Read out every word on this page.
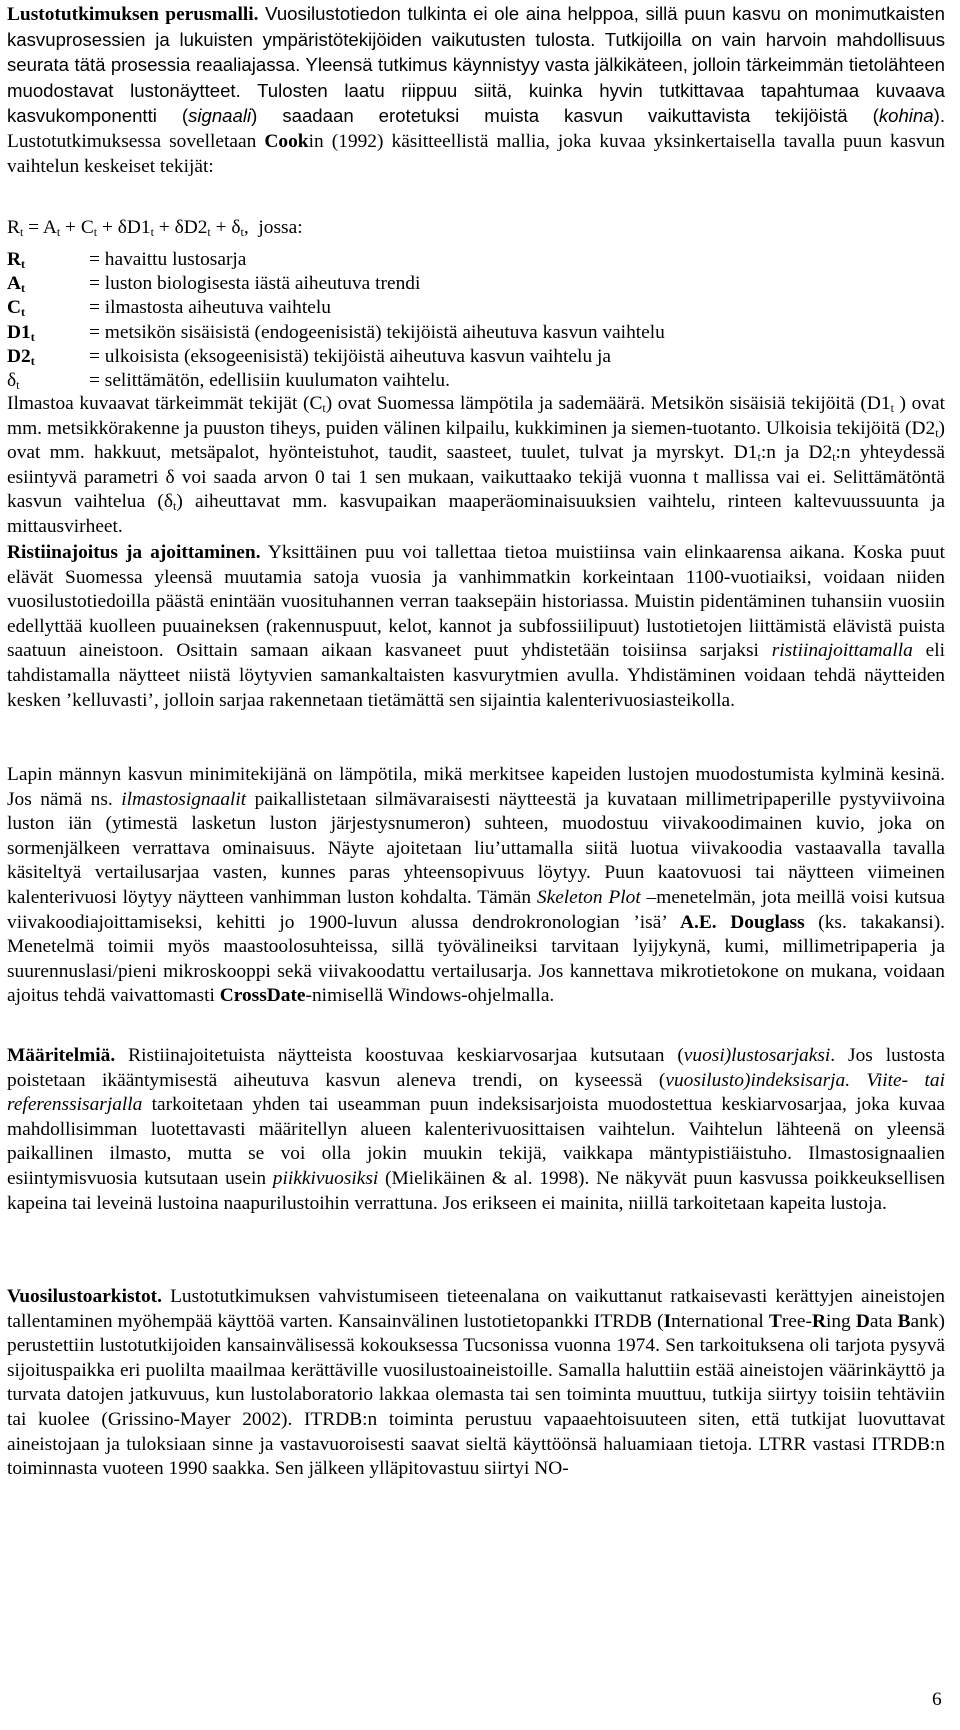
Lustotutkimuksen perusmalli. Vuosilustotiedon tulkinta ei ole aina helppoa, sillä puun kasvu on monimutkaisten kasvuprosessien ja lukuisten ympäristötekijöiden vaikutusten tulosta. Tutkijoilla on vain harvoin mahdollisuus seurata tätä prosessia reaaliajassa. Yleensä tutkimus käynnistyy vasta jälkikäteen, jolloin tärkeimmän tietolähteen muodostavat lustonäytteet. Tulosten laatu riippuu siitä, kuinka hyvin tutkittavaa tapahtumaa kuvaava kasvukomponentti (signaali) saadaan erotetuksi muista kasvun vaikuttavista tekijöistä (kohina). Lustotutkimuksessa sovelletaan Cookin (1992) käsitteellistä mallia, joka kuvaa yksinkertaisella tavalla puun kasvun vaihtelun keskeiset tekijät:

$R_t = A_t + C_t + \delta D1_t + \delta D2_t + \delta_t$,  jossa:
$R_t$	= havaittu lustosarja
$A_t$	= luston biologisesta iästä aiheutuva trendi
$C_t$	= ilmastosta aiheutuva vaihtelu
$D1_t$	= metsikön sisäisistä (endogeenisistä) tekijöistä aiheutuva kasvun vaihtelu
$D2_t$	= ulkoisista (eksogeenisistä) tekijöistä aiheutuva kasvun vaihtelu ja
$\delta_t$	= selittämätön, edellisiin kuulumaton vaihtelu.

Ilmastoa kuvaavat tärkeimmät tekijät $(C_t)$ ovat Suomessa lämpötila ja sademäärä. Metsikön sisäisiä tekijöitä ($D1_t$ ) ovat mm. metsikkörakenne ja puuston tiheys, puiden välinen kilpailu, kukkiminen ja siemen-tuotanto. Ulkoisia tekijöitä $(D2_t)$ ovat mm. hakkuut, metsäpalot, hyönteistuhot, taudit, saasteet, tuulet, tulvat ja myrskyt. $D1_t:n$ ja $D2_t:n$ yhteydessä esiintyvä parametri δ voi saada arvon 0 tai 1 sen mukaan, vaikuttaako tekijä vuonna t mallissa vai ei. Selittämätöntä kasvun vaihtelua $(\delta_t)$ aiheuttavat mm. kasvupaikan maaperäominaisuuksien vaihtelu, rinteen kaltevuussuunta ja mittausvirheet.

Ristiinajoitus ja ajoittaminen. Yksittäinen puu voi tallettaa tietoa muistiinsa vain elinkaarensa aikana. Koska puut elävät Suomessa yleensä muutamia satoja vuosia ja vanhimmatkin korkeintaan 1100-vuotiaiksi, voidaan niiden vuosilustotiedoilla päästä enintään vuosituhannen verran taaksepäin historiassa. Muistin pidentäminen tuhansiin vuosiin edellyttää kuolleen puuaineksen (rakennuspuut, kelot, kannot ja subfossiilipuut) lustotietojen liittämistä elävistä puista saatuun aineistoon. Osittain samaan aikaan kasvaneet puut yhdistetään toisiinsa sarjaksi ristiinajoittamalla eli tahdistamalla näytteet niistä löytyvien samankaltaisten kasvurytmien avulla. Yhdistäminen voidaan tehdä näytteiden kesken ’kelluvasti’, jolloin sarjaa rakennetaan tietämättä sen sijaintia kalenterivuosiasteikolla.

Lapin männyn kasvun minimitekijänä on lämpötila, mikä merkitsee kapeiden lustojen muodostumista kylminä kesinä. Jos nämä ns. ilmastosignaalit paikallistetaan silmävaraisesti näytteestä ja kuvataan millimetripaperille pystyviivoina luston iän (ytimestä lasketun luston järjestysnumeron) suhteen, muodostuu viivakoodimainen kuvio, joka on sormenjälkeen verrattava ominaisuus. Näyte ajoitetaan liu’uttamalla siitä luotua viivakoodia vastaavalla tavalla käsiteltyä vertailusarjaa vasten, kunnes paras yhteensopivuus löytyy. Puun kaatovuosi tai näytteen viimeinen kalenterivuosi löytyy näytteen vanhimman luston kohdalta. Tämän Skeleton Plot –menetelmän, jota meillä voisi kutsua viivakoodiajoittamiseksi, kehitti jo 1900-luvun alussa dendrokronologian ’isä’ A.E. Douglass (ks. takakansi). Menetelmä toimii myös maastoolosuhteissa, sillä työvälineiksi tarvitaan lyijykynä, kumi, millimetripaperia ja suurennuslasi/pieni mikroskooppi sekä viivakoodattu vertailusarja. Jos kannettava mikrotietokone on mukana, voidaan ajoitus tehdä vaivattomasti CrossDate-nimisellä Windows-ohjelmalla.

Määritelmiä. Ristiinajoitetuista näytteista koostuvaa keskiarvosarjaa kutsutaan (vuosi)lustosarjaksi. Jos lustosta poistetaan ikääntymisestä aiheutuva kasvun aleneva trendi, on kyseessä (vuosilusto)indeksisarja. Viite- tai referenssisarjalla tarkoitetaan yhden tai useamman puun indeksisarjoista muodostettua keskiarvosarjaa, joka kuvaa mahdollisimman luotettavasti määritellyn alueen kalenterivuosittaisen vaihtelun. Vaihtelun lähteenä on yleensä paikallinen ilmasto, mutta se voi olla jokin muukin tekijä, vaikkapa mäntypistiäistuho. Ilmastosignaalien esiintymisvuosia kutsutaan usein piikkivuosiksi (Mielikäinen & al. 1998). Ne näkyvät puun kasvussa poikkeuksellisen kapeina tai leveinä lustoina naapurilustoihin verrattuna. Jos erikseen ei mainita, niillä tarkoitetaan kapeita lustoja.

Vuosilustoarkistot. Lustotutkimuksen vahvistumiseen tieteenalana on vaikuttanut ratkaisevasti kerättyjen aineistojen tallentaminen myöhempää käyttöä varten. Kansainvälinen lustotietopankki ITRDB (International Tree-Ring Data Bank) perustettiin lustotutkijoiden kansainvälisessä kokouksessa Tucsonissa vuonna 1974. Sen tarkoituksena oli tarjota pysyvä sijoituspaikka eri puolilta maailmaa kerättäville vuosilustoaineistoille. Samalla haluttiin estää aineistojen väärinkäyttö ja turvata datojen jatkuvuus, kun lustolaboratorio lakkaa olemasta tai sen toiminta muuttuu, tutkija siirtyy toisiin tehtäviin tai kuolee (Grissino-Mayer 2002). ITRDB:n toiminta perustuu vapaaehtoisuuteen siten, että tutkijat luovuttavat aineistojaan ja tuloksiaan sinne ja vastavuoroisesti saavat sieltä käyttöönsä haluamiaan tietoja. LTRR vastasi ITRDB:n toiminnasta vuoteen 1990 saakka. Sen jälkeen ylläpitovastuu siirtyi NO-

6
